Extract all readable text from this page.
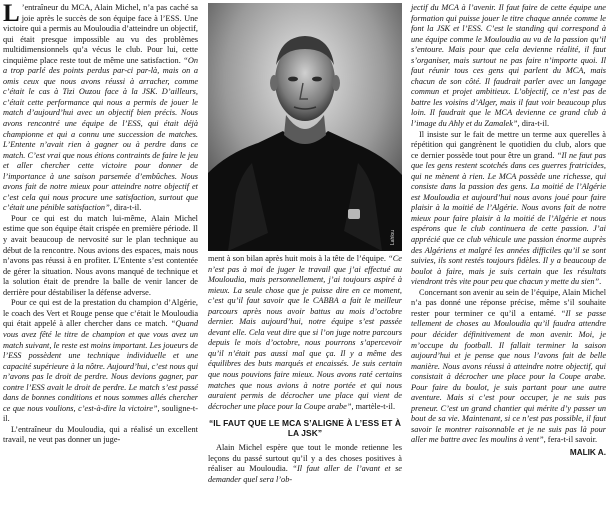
L ’entraîneur du MCA, Alain Michel, n’a pas caché sa joie après le succès de son équipe face à l’ESS. Une victoire qui a permis au Mouloudia d’atteindre un objectif, qui était presque impossible au vu des problèmes multidimensionnels qu’a vécus le club. Pour lui, cette cinquième place reste tout de même une satisfaction. “On a trop parlé des points perdus par-ci par-là, mais on a omis ceux que nous avons réussi à arracher, comme c’était le cas à Tizi Ouzou face à la JSK. D’ailleurs, c’était cette performance qui nous a permis de jouer le match d’aujourd’hui avec un objectif bien précis. Nous avons rencontré une équipe de l’ESS, qui était déjà championne et qui a connu une succession de matches. L’Entente n’avait rien à gagner ou à perdre dans ce match. C’est vrai que nous étions contraints de faire le jeu et aller chercher cette victoire pour donner de l’importance à une saison parsemée d’embûches. Nous avons fait de notre mieux pour atteindre notre objectif et c’est cela qui nous procure une satisfaction, surtout que c’était une pénible satisfaction”, dira-t-il.

Pour ce qui est du match lui-même, Alain Michel estime que son équipe était crispée en première période. Il y avait beaucoup de nervosité sur le plan technique au début de la rencontre. Nous avions des espaces, mais nous n’avons pas réussi à en profiter. L’Entente s’est contentée de gérer la situation. Nous avons manqué de technique et la solution était de prendre la balle de venir lancer de derrière pour déstabiliser la défense adverse.

Pour ce qui est de la prestation du champion d’Algérie, le coach des Vert et Rouge pense que c’était le Mouloudia qui était appelé à aller chercher dans ce match. “Quand vous avez fêté le titre de champion et que vous avez un match suivant, le reste est moins important. Les joueurs de l’ESS possèdent une technique individuelle et une capacité supérieure à la nôtre. Aujourd’hui, c’est nous qui n’avons pas le droit de perdre. Nous devions gagner, par contre l’ESS avait le droit de perdre. Le match s’est passé dans de bonnes conditions et nous sommes allés chercher ce que nous voulions, c’est-à-dire la victoire”, souligne-t-il.

L’entraîneur du Mouloudia, qui a réalisé un excellent travail, ne veut pas donner un juge-

Lahlou

ment à son bilan après huit mois à la tête de l’équipe. “Ce n’est pas à moi de juger le travail que j’ai effectué au Mouloudia, mais personnellement, j’ai toujours aspiré à mieux. La seule chose que je puisse dire en ce moment, c’est qu’il faut savoir que le CABBA a fait le meilleur parcours après nous avoir battus au mois d’octobre dernier. Mais aujourd’hui, notre équipe s’est passée devant elle. Cela veut dire que si l’on juge notre parcours depuis le mois d’octobre, nous pourrons s’apercevoir qu’il n’était pas aussi mal que ça. Il y a même des équilibres des buts marqués et encaissés. Je suis certain que nous pouvions faire mieux. Nous avons raté certains matches que nous avions à notre portée et qui nous auraient permis de décrocher une place qui vient de décrocher une place pour la Coupe arabe”, martèle-t-il.

“IL FAUT QUE LE MCA S’ALIGNE À L’ESS ET À LA JSK”

Alain Michel espère que tout le monde retienne les leçons du passé surtout qu’il y a des choses positives à réaliser au Mouloudia. “Il faut aller de l’avant et se demander quel sera l’ob-

jectif du MCA à l’avenir. Il faut faire de cette équipe une formation qui puisse jouer le titre chaque année comme le font la JSK et l’ESS. C’est le standing qui correspond à une équipe comme le Mouloudia au vu de la passion qu’il s’entoure. Mais pour que cela devienne réalité, il faut s’organiser, mais surtout ne pas faire n’importe quoi. Il faut réunir tous ces gens qui parlent du MCA, mais chacun de son côté. Il faudrait parler avec un langage commun et projet ambitieux. L’objectif, ce n’est pas de battre les voisins d’Alger, mais il faut voir beaucoup plus loin. Il faudrait que le MCA devienne ce grand club à l’image du Ahly et du Zamalek”, dira-t-il.

Il insiste sur le fait de mettre un terme aux querelles à répétition qui gangrènent le quotidien du club, alors que ce dernier possède tout pour être un grand. “Il ne faut pas que les gens restent scotchés dans ces guerres fratricides, qui ne mènent à rien. Le MCA possède une richesse, qui consiste dans la passion des gens. La moitié de l’Algérie est Mouloudia et aujourd’hui nous avons joué pour faire plaisir à la moitié de l’Algérie. Nous avons fait de notre mieux pour faire plaisir à la moitié de l’Algérie et nous espérons que le club continuera de cette passion. J’ai apprécié que ce club véhicule une passion énorme auprès des Algériens et malgré les années difficiles qu’il se sont suivies, ils sont restés toujours fidèles. Il y a beaucoup de boulot à faire, mais je suis certain que les résultats viendront très vite pour peu que chacun y mette du sien”.

Concernant son avenir au sein de l’équipe, Alain Michel n’a pas donné une réponse précise, même s’il souhaite rester pour terminer ce qu’il a entamé. “Il se passe tellement de choses au Mouloudia qu’il faudra attendre pour décider définitivement de mon avenir. Moi, je m’occupe du football. Il fallait terminer la saison aujourd’hui et je pense que nous l’avons fait de belle manière. Nous avons réussi à atteindre notre objectif, qui consistait à décrocher une place pour la Coupe arabe. Pour faire du boulot, je suis partant pour une autre aventure. Mais si c’est pour occuper, je ne suis pas preneur. C’est un grand chantier qui mérite d’y passer un bout de sa vie. Maintenant, si ce n’est pas possible, il faut savoir le montrer raisonnable et je ne suis pas là pour aller me battre avec les moulins à vent”, fera-t-il savoir.

MALIK A.
